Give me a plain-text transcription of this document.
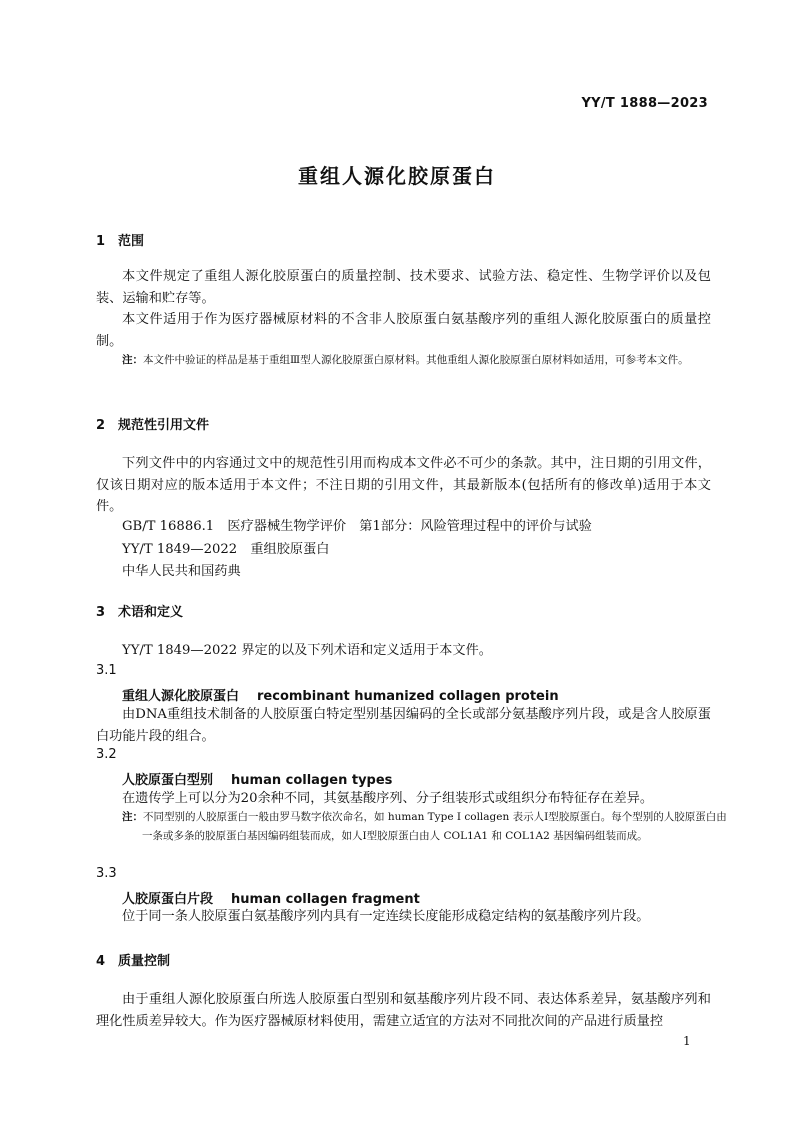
YY/T 1888—2023
重组人源化胶原蛋白
1 范围
本文件规定了重组人源化胶原蛋白的质量控制、技术要求、试验方法、稳定性、生物学评价以及包装、运输和贮存等。
本文件适用于作为医疗器械原材料的不含非人胶原蛋白氨基酸序列的重组人源化胶原蛋白的质量控制。
注：本文件中验证的样品是基于重组Ⅲ型人源化胶原蛋白原材料。其他重组人源化胶原蛋白原材料如适用，可参考本文件。
2 规范性引用文件
下列文件中的内容通过文中的规范性引用而构成本文件必不可少的条款。其中，注日期的引用文件，仅该日期对应的版本适用于本文件；不注日期的引用文件，其最新版本(包括所有的修改单)适用于本文件。
GB/T 16886.1　医疗器械生物学评价　第1部分：风险管理过程中的评价与试验
YY/T 1849—2022　重组胶原蛋白
中华人民共和国药典
3 术语和定义
YY/T 1849—2022 界定的以及下列术语和定义适用于本文件。
3.1
重组人源化胶原蛋白 recombinant humanized collagen protein
由DNA重组技术制备的人胶原蛋白特定型别基因编码的全长或部分氨基酸序列片段，或是含人胶原蛋白功能片段的组合。
3.2
人胶原蛋白型别 human collagen types
在遗传学上可以分为20余种不同，其氨基酸序列、分子组装形式或组织分布特征存在差异。
注：不同型别的人胶原蛋白一般由罗马数字依次命名，如 human Type Ⅰ collagen 表示人Ⅰ型胶原蛋白。每个型别的人胶原蛋白由一条或多条的胶原蛋白基因编码组装而成，如人Ⅰ型胶原蛋白由人 COL1A1 和 COL1A2 基因编码组装而成。
3.3
人胶原蛋白片段 human collagen fragment
位于同一条人胶原蛋白氨基酸序列内具有一定连续长度能形成稳定结构的氨基酸序列片段。
4 质量控制
由于重组人源化胶原蛋白所选人胶原蛋白型别和氨基酸序列片段不同、表达体系差异，氨基酸序列和理化性质差异较大。作为医疗器械原材料使用，需建立适宜的方法对不同批次间的产品进行质量控
1
